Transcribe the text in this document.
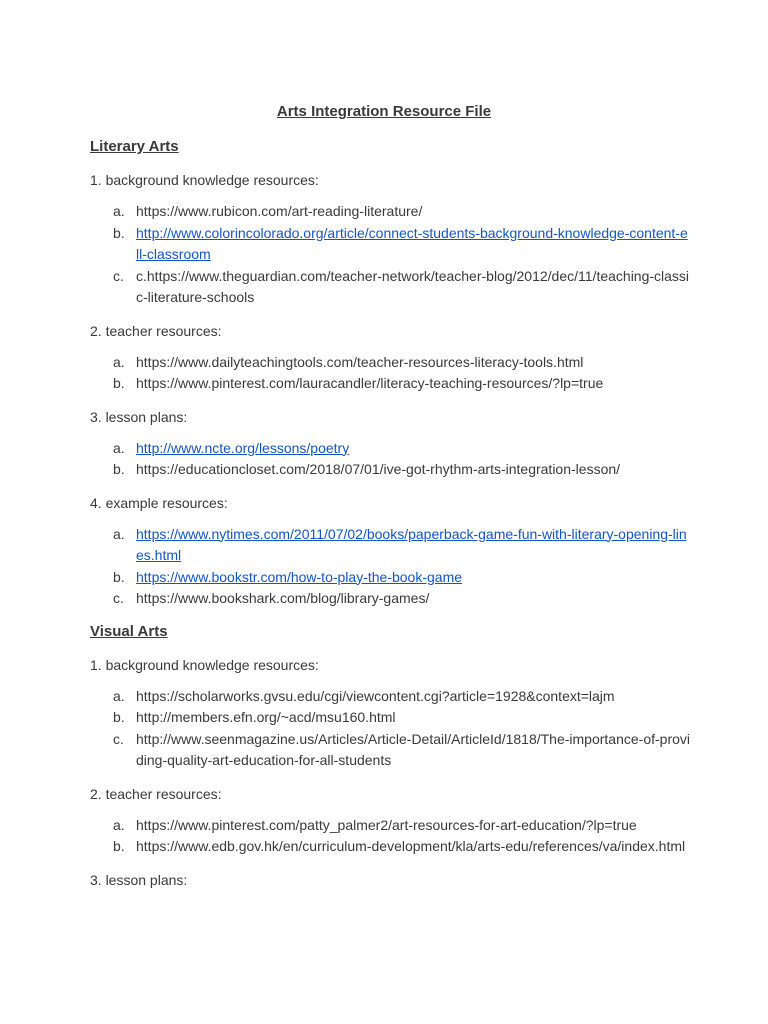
Arts Integration Resource File
Literary Arts
1. background knowledge resources:
a. https://www.rubicon.com/art-reading-literature/
b. http://www.colorincolorado.org/article/connect-students-background-knowledge-content-ell-classroom
c. c.https://www.theguardian.com/teacher-network/teacher-blog/2012/dec/11/teaching-classic-literature-schools
2. teacher resources:
a. https://www.dailyteachingtools.com/teacher-resources-literacy-tools.html
b. https://www.pinterest.com/lauracandler/literacy-teaching-resources/?lp=true
3. lesson plans:
a. http://www.ncte.org/lessons/poetry
b. https://educationcloset.com/2018/07/01/ive-got-rhythm-arts-integration-lesson/
4. example resources:
a. https://www.nytimes.com/2011/07/02/books/paperback-game-fun-with-literary-opening-lines.html
b. https://www.bookstr.com/how-to-play-the-book-game
c. https://www.bookshark.com/blog/library-games/
Visual Arts
1. background knowledge resources:
a. https://scholarworks.gvsu.edu/cgi/viewcontent.cgi?article=1928&context=lajm
b. http://members.efn.org/~acd/msu160.html
c. http://www.seenmagazine.us/Articles/Article-Detail/ArticleId/1818/The-importance-of-providing-quality-art-education-for-all-students
2. teacher resources:
a. https://www.pinterest.com/patty_palmer2/art-resources-for-art-education/?lp=true
b. https://www.edb.gov.hk/en/curriculum-development/kla/arts-edu/references/va/index.html
3. lesson plans:
